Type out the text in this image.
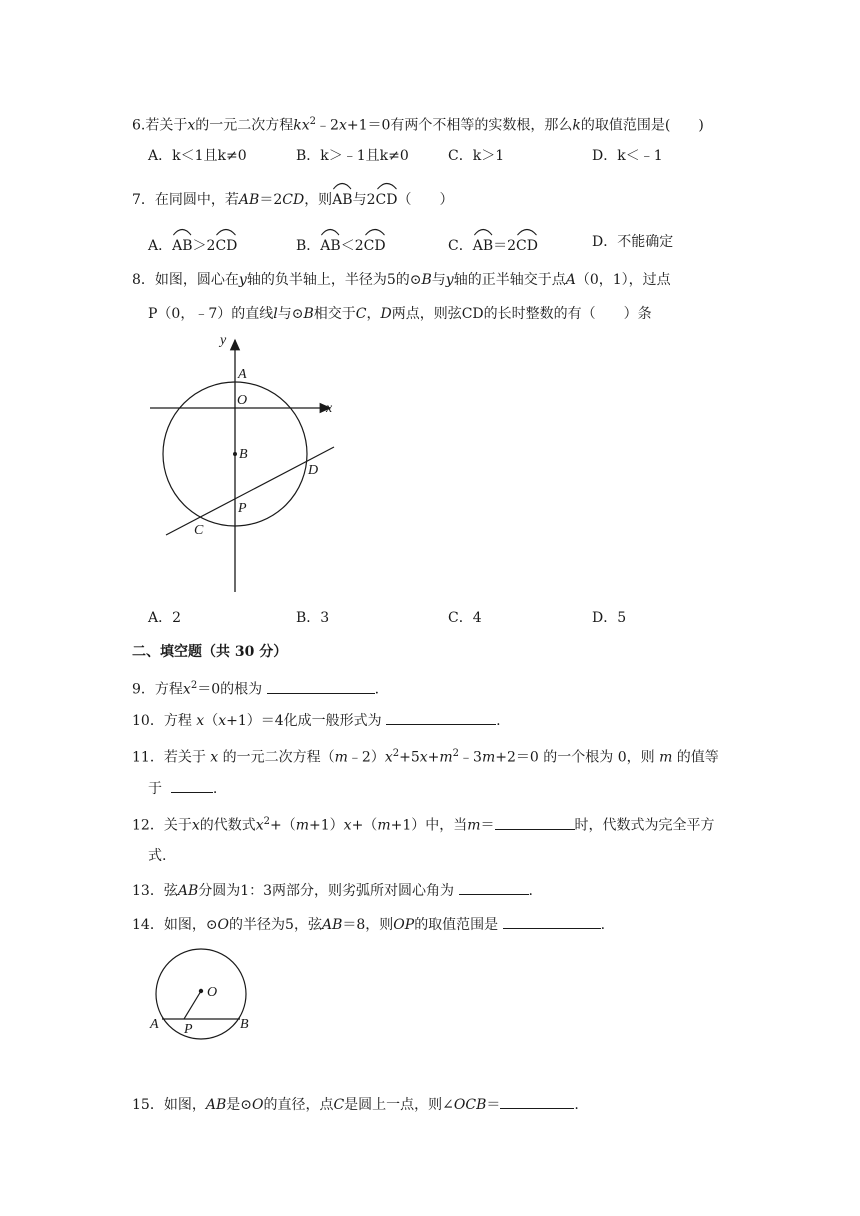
6.若关于x的一元二次方程$kx^2﹣2x+1=0$有两个不相等的实数根，那么k的取值范围是(　　)
A．k＜1且k≠0	B．k＞﹣1且k≠0	C．k＞1	D．k＜﹣1
7．在同圆中，若AB＝2CD，则
AB与2
CD（　　）
A．
AB＞2
CD	B．
AB＜2
CD	C．
AB＝2
CD	D．不能确定
8．如图，圆心在y轴的负半轴上，半径为5的⊙B与y轴的正半轴交于点A（0，1），过点
P（0，﹣7）的直线l与⊙B相交于C，D两点，则弦CD的长时整数的有（　　）条
y
x
A
O
B
D
P
C
A．2	B．3	C．4	D．5
二、填空题（共 30 分）
9．方程$x^2=0$的根为	.
10．方程 x（x+1）＝4化成一般形式为	.
11．若关于 x 的一元二次方程$(m﹣2)x^2+5x+m^2﹣3m+2=0$ 的一个根为 0，则 m 的值等
于	.
12．关于x的代数式$x^2+(m+1)x+(m+1)$中，当m＝	时，代数式为完全平方
式.
13．弦AB分圆为1：3两部分，则劣弧所对圆心角为	.
14．如图，⊙O的半径为5，弦AB＝8，则OP的取值范围是	.
O
A P	B
15．如图，AB是⊙O的直径，点C是圆上一点，则∠OCB＝	.
